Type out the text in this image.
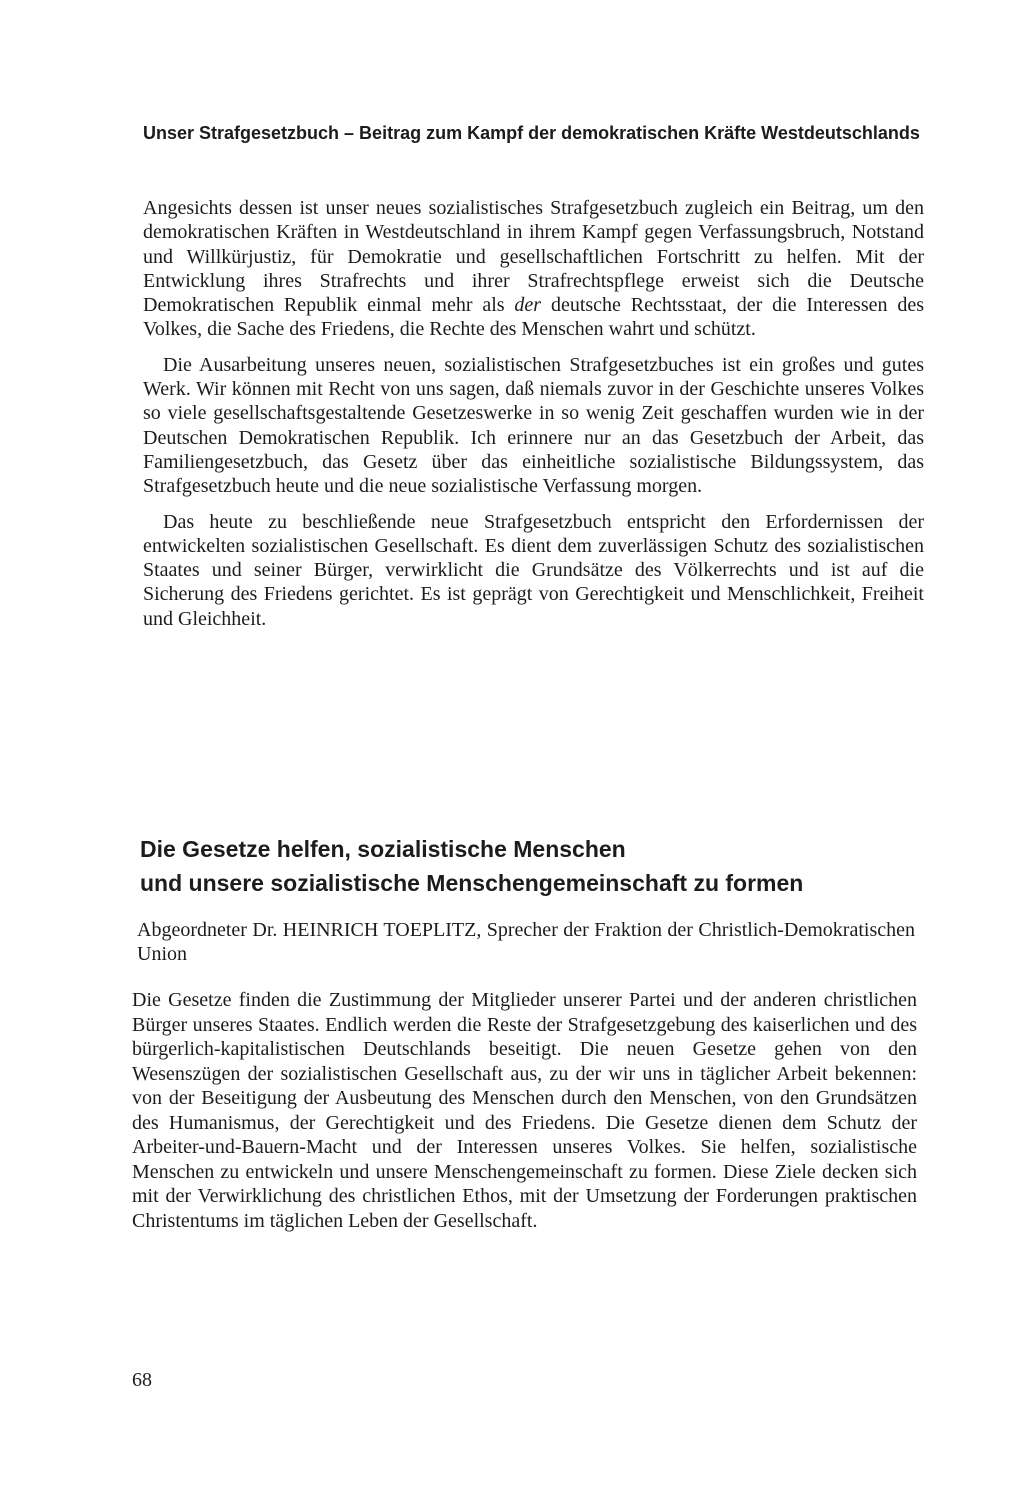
Unser Strafgesetzbuch – Beitrag zum Kampf der demokratischen Kräfte Westdeutschlands

Angesichts dessen ist unser neues sozialistisches Strafgesetzbuch zugleich ein Beitrag, um den demokratischen Kräften in Westdeutschland in ihrem Kampf gegen Verfassungsbruch, Notstand und Willkürjustiz, für Demokratie und gesellschaftlichen Fortschritt zu helfen. Mit der Entwicklung ihres Strafrechts und ihrer Strafrechtspflege erweist sich die Deutsche Demokratischen Republik einmal mehr als der deutsche Rechtsstaat, der die Interessen des Volkes, die Sache des Friedens, die Rechte des Menschen wahrt und schützt.

Die Ausarbeitung unseres neuen, sozialistischen Strafgesetzbuches ist ein großes und gutes Werk. Wir können mit Recht von uns sagen, daß niemals zuvor in der Geschichte unseres Volkes so viele gesellschaftsgestaltende Gesetzeswerke in so wenig Zeit geschaffen wurden wie in der Deutschen Demokratischen Republik. Ich erinnere nur an das Gesetzbuch der Arbeit, das Familiengesetzbuch, das Gesetz über das einheitliche sozialistische Bildungssystem, das Strafgesetzbuch heute und die neue sozialistische Verfassung morgen.

Das heute zu beschließende neue Strafgesetzbuch entspricht den Erfordernissen der entwickelten sozialistischen Gesellschaft. Es dient dem zuverlässigen Schutz des sozialistischen Staates und seiner Bürger, verwirklicht die Grundsätze des Völkerrechts und ist auf die Sicherung des Friedens gerichtet. Es ist geprägt von Gerechtigkeit und Menschlichkeit, Freiheit und Gleichheit.

Die Gesetze helfen, sozialistische Menschen
und unsere sozialistische Menschengemeinschaft zu formen

Abgeordneter Dr. HEINRICH TOEPLITZ, Sprecher der Fraktion der Christlich-Demokratischen Union

Die Gesetze finden die Zustimmung der Mitglieder unserer Partei und der anderen christlichen Bürger unseres Staates. Endlich werden die Reste der Strafgesetzgebung des kaiserlichen und des bürgerlich-kapitalistischen Deutschlands beseitigt. Die neuen Gesetze gehen von den Wesenszügen der sozialistischen Gesellschaft aus, zu der wir uns in täglicher Arbeit bekennen: von der Beseitigung der Ausbeutung des Menschen durch den Menschen, von den Grundsätzen des Humanismus, der Gerechtigkeit und des Friedens. Die Gesetze dienen dem Schutz der Arbeiter-und-Bauern-Macht und der Interessen unseres Volkes. Sie helfen, sozialistische Menschen zu entwickeln und unsere Menschengemeinschaft zu formen. Diese Ziele decken sich mit der Verwirklichung des christlichen Ethos, mit der Umsetzung der Forderungen praktischen Christentums im täglichen Leben der Gesellschaft.

68
